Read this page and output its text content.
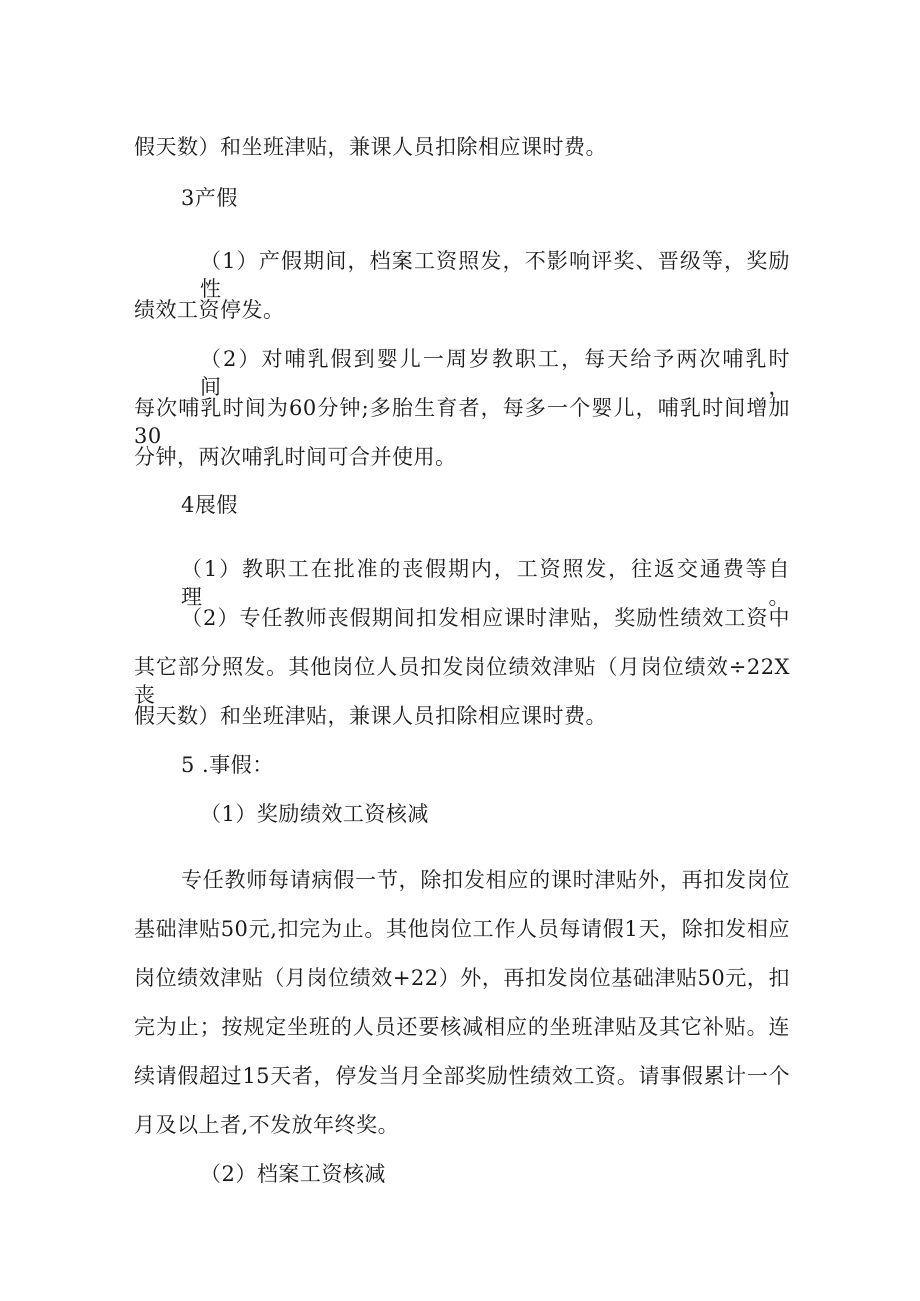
假天数）和坐班津贴，兼课人员扣除相应课时费。
3产假
（1）产假期间，档案工资照发，不影响评奖、晋级等，奖励性
绩效工资停发。
（2）对哺乳假到婴儿一周岁教职工，每天给予两次哺乳时间，
每次哺乳时间为60分钟;多胎生育者，每多一个婴儿，哺乳时间增加30
分钟，两次哺乳时间可合并使用。
4展假
（1）教职工在批准的丧假期内，工资照发，往返交通费等自理。
（2）专任教师丧假期间扣发相应课时津贴，奖励性绩效工资中
其它部分照发。其他岗位人员扣发岗位绩效津贴（月岗位绩效÷22X丧
假天数）和坐班津贴，兼课人员扣除相应课时费。
5 .事假：
（1）奖励绩效工资核减
专任教师每请病假一节，除扣发相应的课时津贴外，再扣发岗位
基础津贴50元,扣完为止。其他岗位工作人员每请假1天，除扣发相应
岗位绩效津贴（月岗位绩效+22）外，再扣发岗位基础津贴50元，扣
完为止；按规定坐班的人员还要核减相应的坐班津贴及其它补贴。连
续请假超过15天者，停发当月全部奖励性绩效工资。请事假累计一个
月及以上者,不发放年终奖。
（2）档案工资核减
